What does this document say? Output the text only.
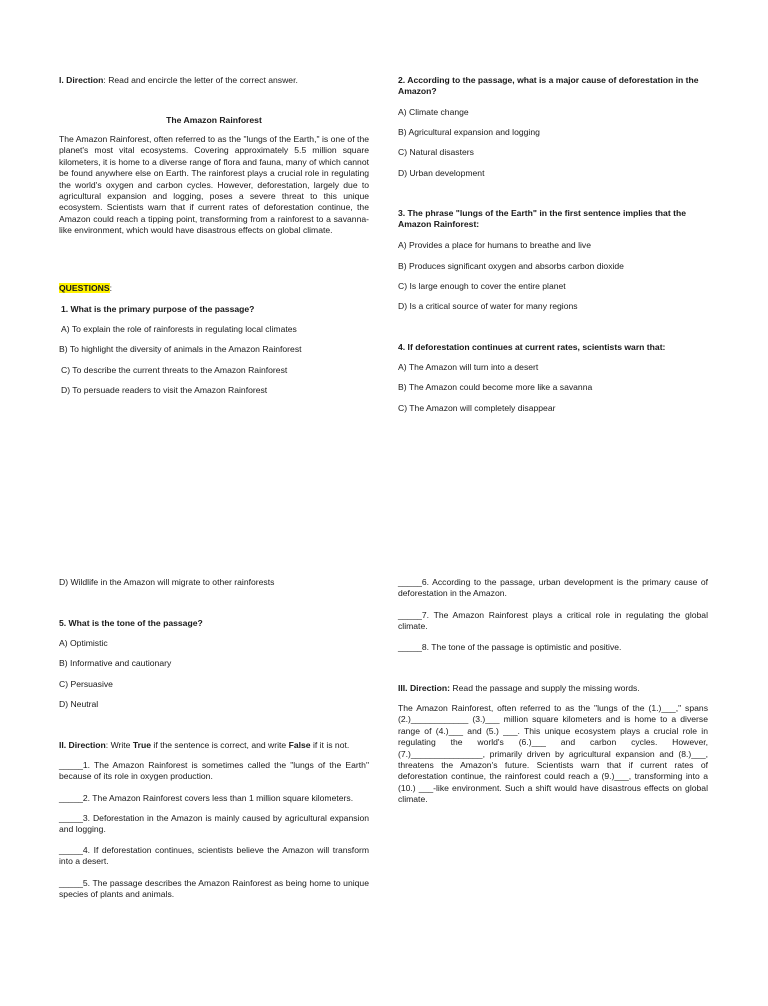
I. Direction: Read and encircle the letter of the correct answer.

The Amazon Rainforest

The Amazon Rainforest, often referred to as the "lungs of the Earth," is one of the planet's most vital ecosystems. Covering approximately 5.5 million square kilometers, it is home to a diverse range of flora and fauna, many of which cannot be found anywhere else on Earth. The rainforest plays a crucial role in regulating the world's oxygen and carbon cycles. However, deforestation, largely due to agricultural expansion and logging, poses a severe threat to this unique ecosystem. Scientists warn that if current rates of deforestation continue, the Amazon could reach a tipping point, transforming from a rainforest to a savanna-like environment, which would have disastrous effects on global climate.

QUESTIONS:

1. What is the primary purpose of the passage?

A) To explain the role of rainforests in regulating local climates

B) To highlight the diversity of animals in the Amazon Rainforest

C) To describe the current threats to the Amazon Rainforest

D) To persuade readers to visit the Amazon Rainforest

2. According to the passage, what is a major cause of deforestation in the Amazon?

A) Climate change

B) Agricultural expansion and logging

C) Natural disasters

D) Urban development

3. The phrase "lungs of the Earth" in the first sentence implies that the Amazon Rainforest:

A) Provides a place for humans to breathe and live

B) Produces significant oxygen and absorbs carbon dioxide

C) Is large enough to cover the entire planet

D) Is a critical source of water for many regions

4. If deforestation continues at current rates, scientists warn that:

A) The Amazon will turn into a desert

B) The Amazon could become more like a savanna

C) The Amazon will completely disappear

D) Wildlife in the Amazon will migrate to other rainforests

5. What is the tone of the passage?

A) Optimistic

B) Informative and cautionary

C) Persuasive

D) Neutral

II. Direction: Write True if the sentence is correct, and write False if it is not.

_____1. The Amazon Rainforest is sometimes called the "lungs of the Earth" because of its role in oxygen production.

_____2. The Amazon Rainforest covers less than 1 million square kilometers.

_____3. Deforestation in the Amazon is mainly caused by agricultural expansion and logging.

_____4. If deforestation continues, scientists believe the Amazon will transform into a desert.

_____5. The passage describes the Amazon Rainforest as being home to unique species of plants and animals.

_____6. According to the passage, urban development is the primary cause of deforestation in the Amazon.

_____7. The Amazon Rainforest plays a critical role in regulating the global climate.

_____8. The tone of the passage is optimistic and positive.

III. Direction: Read the passage and supply the missing words.

The Amazon Rainforest, often referred to as the "lungs of the (1.)___," spans (2.)____________ (3.)___ million square kilometers and is home to a diverse range of (4.)___ and (5.) ___. This unique ecosystem plays a crucial role in regulating the world's (6.)___ and carbon cycles. However, (7.)_______________, primarily driven by agricultural expansion and (8.)___, threatens the Amazon's future. Scientists warn that if current rates of deforestation continue, the rainforest could reach a (9.)___, transforming into a (10.) ___-like environment. Such a shift would have disastrous effects on global climate.
